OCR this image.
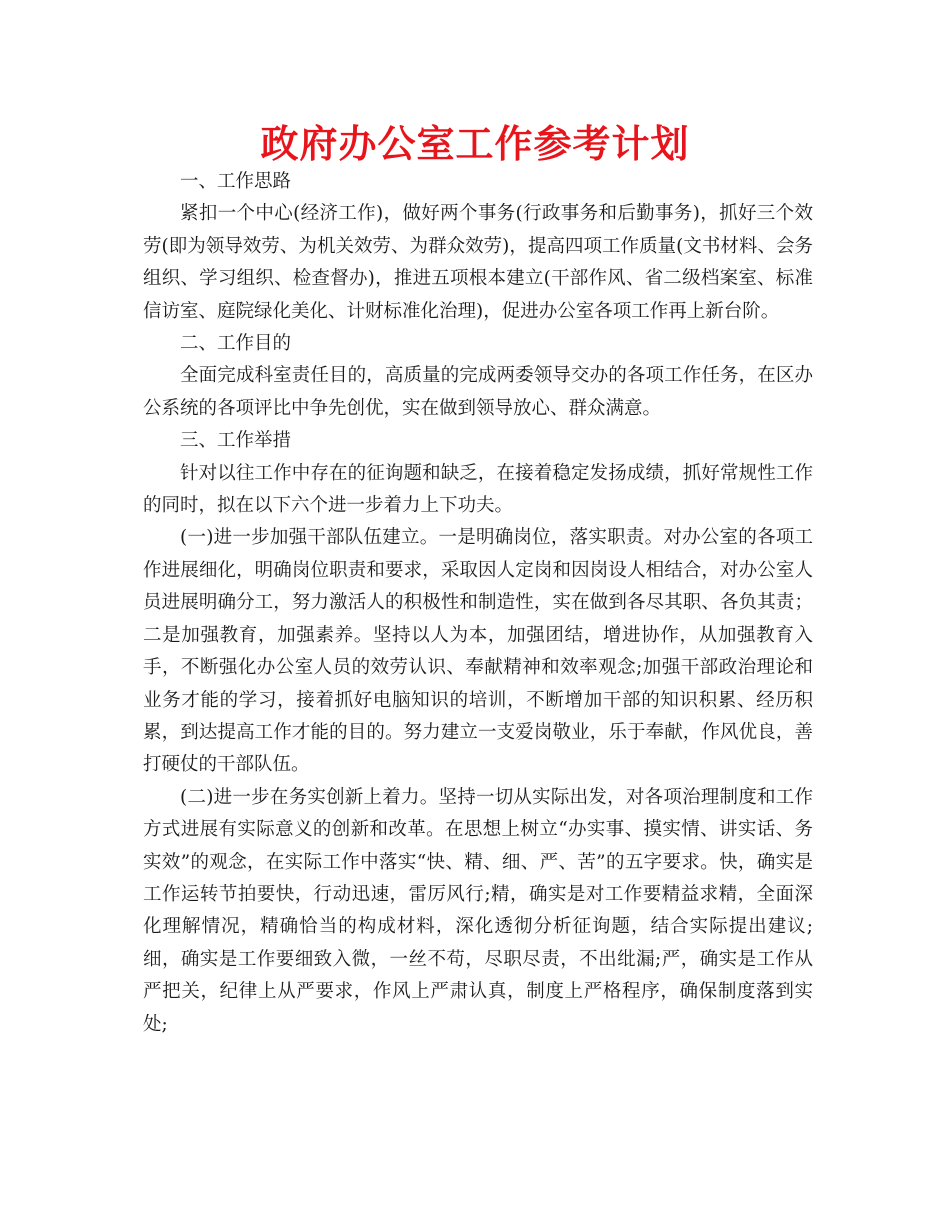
政府办公室工作参考计划

一、工作思路

紧扣一个中心(经济工作)，做好两个事务(行政事务和后勤事务)，抓好三个效劳(即为领导效劳、为机关效劳、为群众效劳)，提高四项工作质量(文书材料、会务组织、学习组织、检查督办)，推进五项根本建立(干部作风、省二级档案室、标准信访室、庭院绿化美化、计财标准化治理)，促进办公室各项工作再上新台阶。

二、工作目的

全面完成科室责任目的，高质量的完成两委领导交办的各项工作任务，在区办公系统的各项评比中争先创优，实在做到领导放心、群众满意。

三、工作举措

针对以往工作中存在的征询题和缺乏，在接着稳定发扬成绩，抓好常规性工作的同时，拟在以下六个进一步着力上下功夫。

(一)进一步加强干部队伍建立。一是明确岗位，落实职责。对办公室的各项工作进展细化，明确岗位职责和要求，采取因人定岗和因岗设人相结合，对办公室人员进展明确分工，努力激活人的积极性和制造性，实在做到各尽其职、各负其责；二是加强教育，加强素养。坚持以人为本，加强团结，增进协作，从加强教育入手，不断强化办公室人员的效劳认识、奉献精神和效率观念;加强干部政治理论和业务才能的学习，接着抓好电脑知识的培训，不断增加干部的知识积累、经历积累，到达提高工作才能的目的。努力建立一支爱岗敬业，乐于奉献，作风优良，善打硬仗的干部队伍。

(二)进一步在务实创新上着力。坚持一切从实际出发，对各项治理制度和工作方式进展有实际意义的创新和改革。在思想上树立“办实事、摸实情、讲实话、务实效”的观念，在实际工作中落实“快、精、细、严、苦”的五字要求。快，确实是工作运转节拍要快，行动迅速，雷厉风行;精，确实是对工作要精益求精，全面深化理解情况，精确恰当的构成材料，深化透彻分析征询题，结合实际提出建议;细，确实是工作要细致入微，一丝不苟，尽职尽责，不出纰漏;严，确实是工作从严把关，纪律上从严要求，作风上严肃认真，制度上严格程序，确保制度落到实处;
